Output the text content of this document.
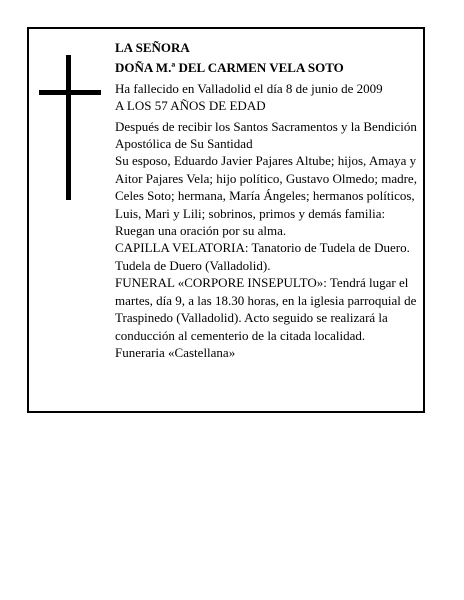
LA SEÑORA
DOÑA M.ª DEL CARMEN VELA SOTO
Ha fallecido en Valladolid el día 8 de junio de 2009
A LOS 57 AÑOS DE EDAD
Después de recibir los Santos Sacramentos y la Bendición Apostólica de Su Santidad
Su esposo, Eduardo Javier Pajares Altube; hijos, Amaya y Aitor Pajares Vela; hijo político, Gustavo Olmedo; madre, Celes Soto; hermana, María Ángeles; hermanos políticos, Luis, Mari y Lili; sobrinos, primos y demás familia:
Ruegan una oración por su alma.
CAPILLA VELATORIA: Tanatorio de Tudela de Duero. Tudela de Duero (Valladolid).
FUNERAL «CORPORE INSEPULTO»: Tendrá lugar el martes, día 9, a las 18.30 horas, en la iglesia parroquial de Traspinedo (Valladolid). Acto seguido se realizará la conducción al cementerio de la citada localidad.
Funeraria «Castellana»
